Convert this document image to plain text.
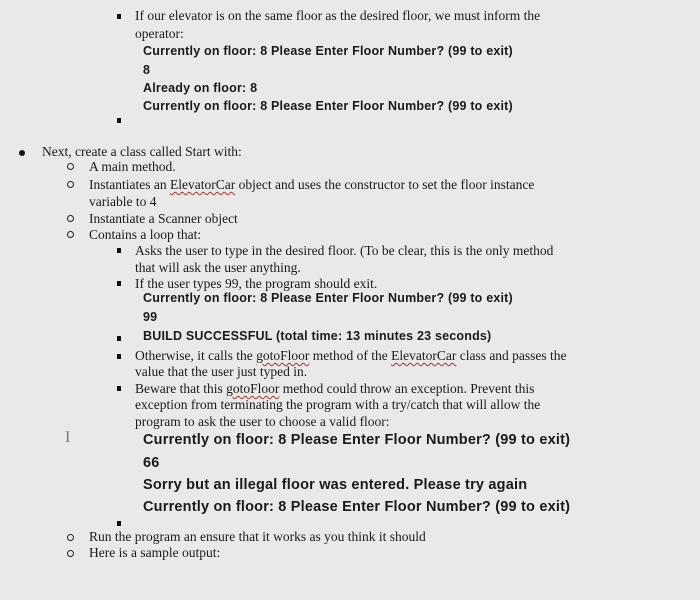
If our elevator is on the same floor as the desired floor, we must inform the
operator:
Currently on floor: 8 Please Enter Floor Number? (99 to exit)
8
Already on floor: 8
Currently on floor: 8 Please Enter Floor Number? (99 to exit)
Next, create a class called Start with:
A main method.
Instantiates an ElevatorCar object and uses the constructor to set the floor instance
variable to 4
Instantiate a Scanner object
Contains a loop that:
Asks the user to type in the desired floor. (To be clear, this is the only method
that will ask the user anything.
If the user types 99, the program should exit.
Currently on floor: 8 Please Enter Floor Number? (99 to exit)
99
BUILD SUCCESSFUL (total time: 13 minutes 23 seconds)
Otherwise, it calls the gotoFloor method of the ElevatorCar class and passes the
value that the user just typed in.
Beware that this gotoFloor method could throw an exception. Prevent this
exception from terminating the program with a try/catch that will allow the
program to ask the user to choose a valid floor:
I	Currently on floor: 8 Please Enter Floor Number? (99 to exit)
66
Sorry but an illegal floor was entered. Please try again
Currently on floor: 8 Please Enter Floor Number? (99 to exit)
Run the program an ensure that it works as you think it should
Here is a sample output:
